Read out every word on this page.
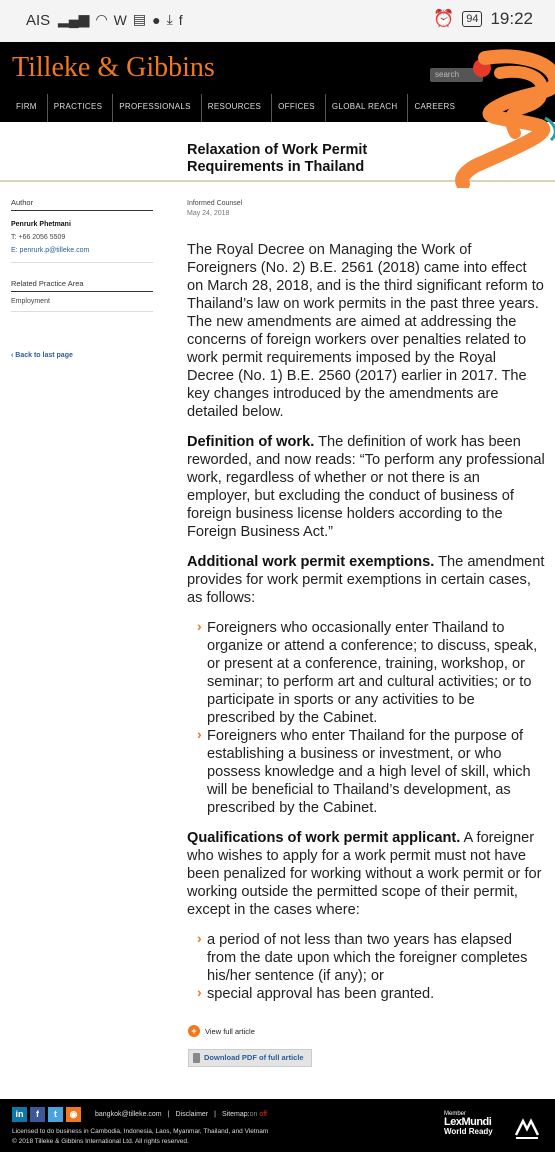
AIS ▂▄▆ ◠ W ▤ ● ⤓ f	⏰	94 19:22
Tilleke & Gibbins	search
FIRM	PRACTICES	PROFESSIONALS	RESOURCES	OFFICES	GLOBAL REACH	CAREERS
Relaxation of Work Permit
Requirements in Thailand
Author
Penrurk Phetmani
T: +66 2056 5509
E: penrurk.p@tilleke.com
Related Practice Area
Employment
‹ Back to last page
Informed Counsel
May 24, 2018

The Royal Decree on Managing the Work of Foreigners (No. 2) B.E. 2561 (2018) came into effect on March 28, 2018, and is the third significant reform to Thailand’s law on work permits in the past three years. The new amendments are aimed at addressing the concerns of foreign workers over penalties related to work permit requirements imposed by the Royal Decree (No. 1) B.E. 2560 (2017) earlier in 2017. The key changes introduced by the amendments are detailed below.

Definition of work. The definition of work has been reworded, and now reads: “To perform any professional work, regardless of whether or not there is an employer, but excluding the conduct of business of foreign business license holders according to the Foreign Business Act.”

Additional work permit exemptions. The amendment provides for work permit exemptions in certain cases, as follows:

› Foreigners who occasionally enter Thailand to organize or attend a conference; to discuss, speak, or present at a conference, training, workshop, or seminar; to perform art and cultural activities; or to participate in sports or any activities to be prescribed by the Cabinet.
› Foreigners who enter Thailand for the purpose of establishing a business or investment, or who possess knowledge and a high level of skill, which will be beneficial to Thailand’s development, as prescribed by the Cabinet.

Qualifications of work permit applicant. A foreigner who wishes to apply for a work permit must not have been penalized for working without a work permit or for working outside the permitted scope of their permit, except in the cases where:

› a period of not less than two years has elapsed from the date upon which the foreigner completes his/her sentence (if any); or
› special approval has been granted.
+	View full article
Download PDF of full article
in	f	t	◉	bangkok@tilleke.com | Disclaimer | Sitemap:on off
Licensed to do business in Cambodia, Indonesia, Laos, Myanmar, Thailand, and Vietnam
© 2018 Tilleke & Gibbins International Ltd. All rights reserved.
Member
LexMundi
World Ready
